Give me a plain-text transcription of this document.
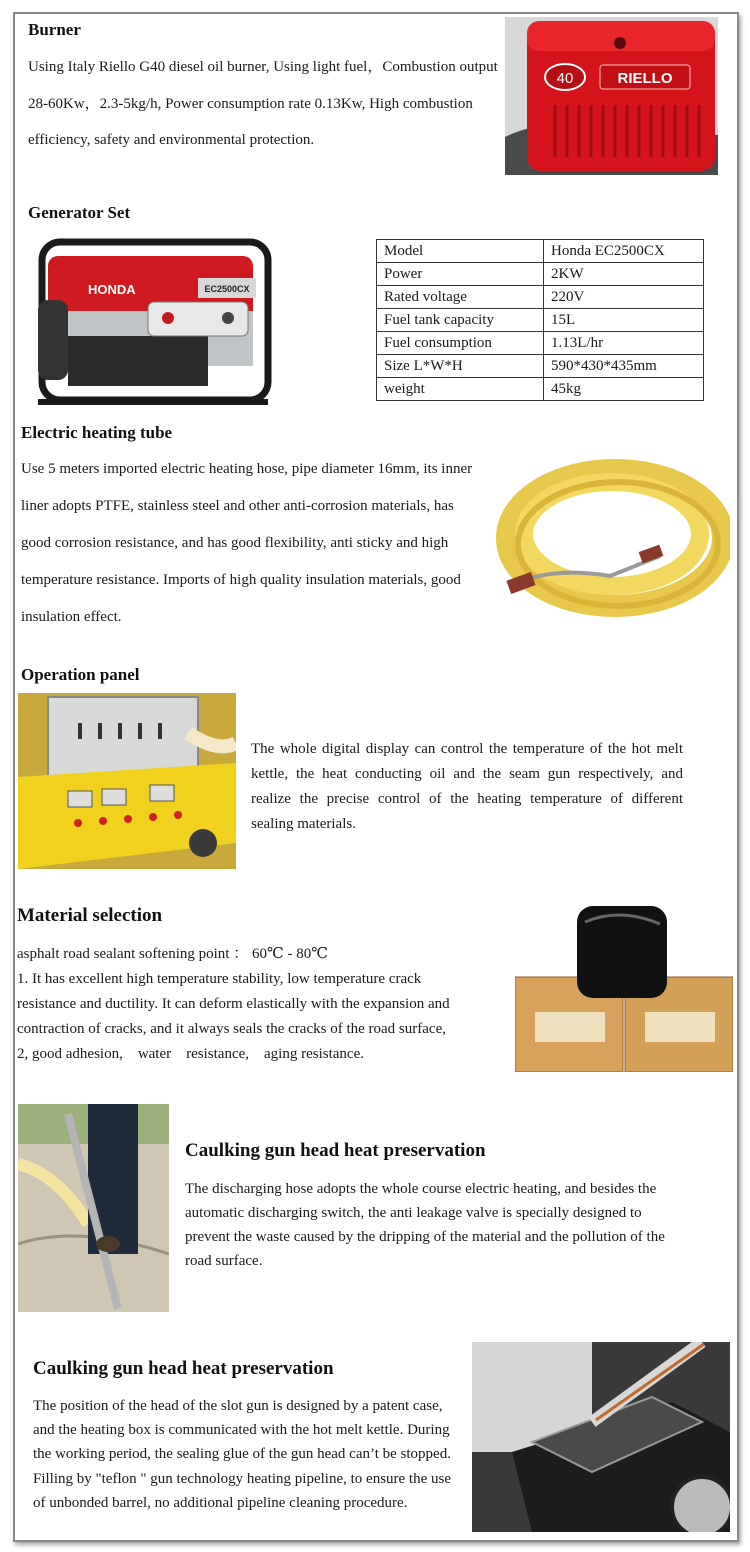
Burner

Using Italy Riello G40 diesel oil burner, Using light fuel，Combustion output 28-60Kw，2.3-5kg/h, Power consumption rate 0.13Kw, High combustion efficiency, safety and environmental protection.

40	RIELLO
Generator Set
HONDA	EC2500CX
Model	Honda EC2500CX
Power	2KW
Rated voltage	220V
Fuel tank capacity	15L
Fuel consumption	1.13L/hr
Size L*W*H	590*430*435mm
weight	45kg
Electric heating tube

Use 5 meters imported electric heating hose, pipe diameter 16mm, its inner liner adopts PTFE, stainless steel and other anti-corrosion materials, has good corrosion resistance, and has good flexibility, anti sticky and high temperature resistance. Imports of high quality insulation materials, good insulation effect.

Operation panel

The whole digital display can control the temperature of the hot melt kettle, the heat conducting oil and the seam gun respectively, and realize the precise control of the heating temperature of different sealing materials.

Material selection
asphalt road sealant softening point ： 60℃ - 80℃
1. It has excellent high temperature stability, low temperature crack
resistance and ductility. It can deform elastically with the expansion and
contraction of cracks, and it always seals the cracks of the road surface,
2, good adhesion,    water    resistance,    aging resistance.
Caulking gun head heat preservation

The discharging hose adopts the whole course electric heating, and besides the automatic discharging switch, the anti leakage valve is specially designed to prevent the waste caused by the dripping of the material and the pollution of the road surface.

Caulking gun head heat preservation

The position of the head of the slot gun is designed by a patent case, and the heating box is communicated with the hot melt kettle. During the working period, the sealing glue of the gun head can’t be stopped. Filling by "teflon " gun technology heating pipeline, to ensure the use of unbonded barrel, no additional pipeline cleaning procedure.
